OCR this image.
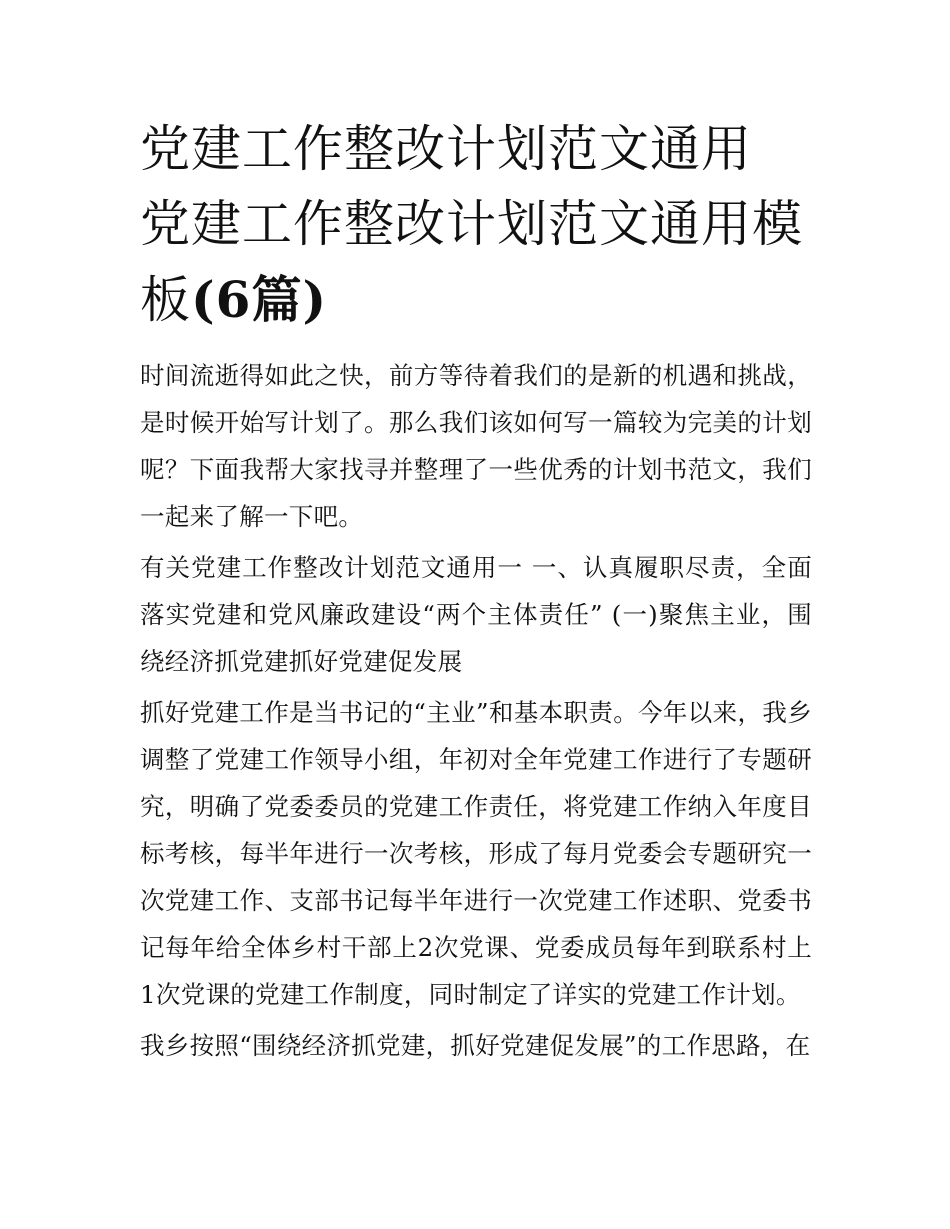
党建工作整改计划范文通用 党建工作整改计划范文通用模板(6篇)

时间流逝得如此之快，前方等待着我们的是新的机遇和挑战，是时候开始写计划了。那么我们该如何写一篇较为完美的计划呢？下面我帮大家找寻并整理了一些优秀的计划书范文，我们一起来了解一下吧。

有关党建工作整改计划范文通用一 一、认真履职尽责，全面落实党建和党风廉政建设“两个主体责任” (一)聚焦主业，围绕经济抓党建抓好党建促发展

抓好党建工作是当书记的“主业”和基本职责。今年以来，我乡调整了党建工作领导小组，年初对全年党建工作进行了专题研究，明确了党委委员的党建工作责任，将党建工作纳入年度目标考核，每半年进行一次考核，形成了每月党委会专题研究一次党建工作、支部书记每半年进行一次党建工作述职、党委书记每年给全体乡村干部上2次党课、党委成员每年到联系村上1次党课的党建工作制度，同时制定了详实的党建工作计划。

我乡按照“围绕经济抓党建，抓好党建促发展”的工作思路，在
